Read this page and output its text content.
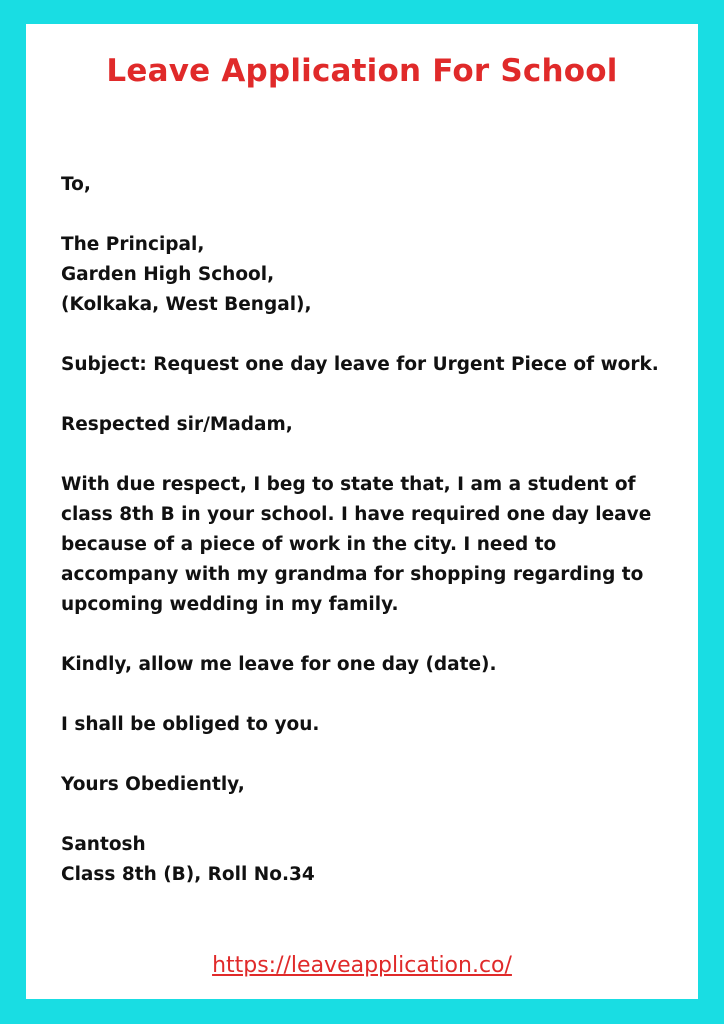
Leave Application For School

To,

The Principal,
Garden High School,
(Kolkaka, West Bengal),

Subject: Request one day leave for Urgent Piece of work.

Respected sir/Madam,

With due respect, I beg to state that, I am a student of
class 8th B in your school. I have required one day leave
because of a piece of work in the city. I need to
accompany with my grandma for shopping regarding to
upcoming wedding in my family.

Kindly, allow me leave for one day (date).

I shall be obliged to you.

Yours Obediently,

Santosh
Class 8th (B), Roll No.34

https://leaveapplication.co/
